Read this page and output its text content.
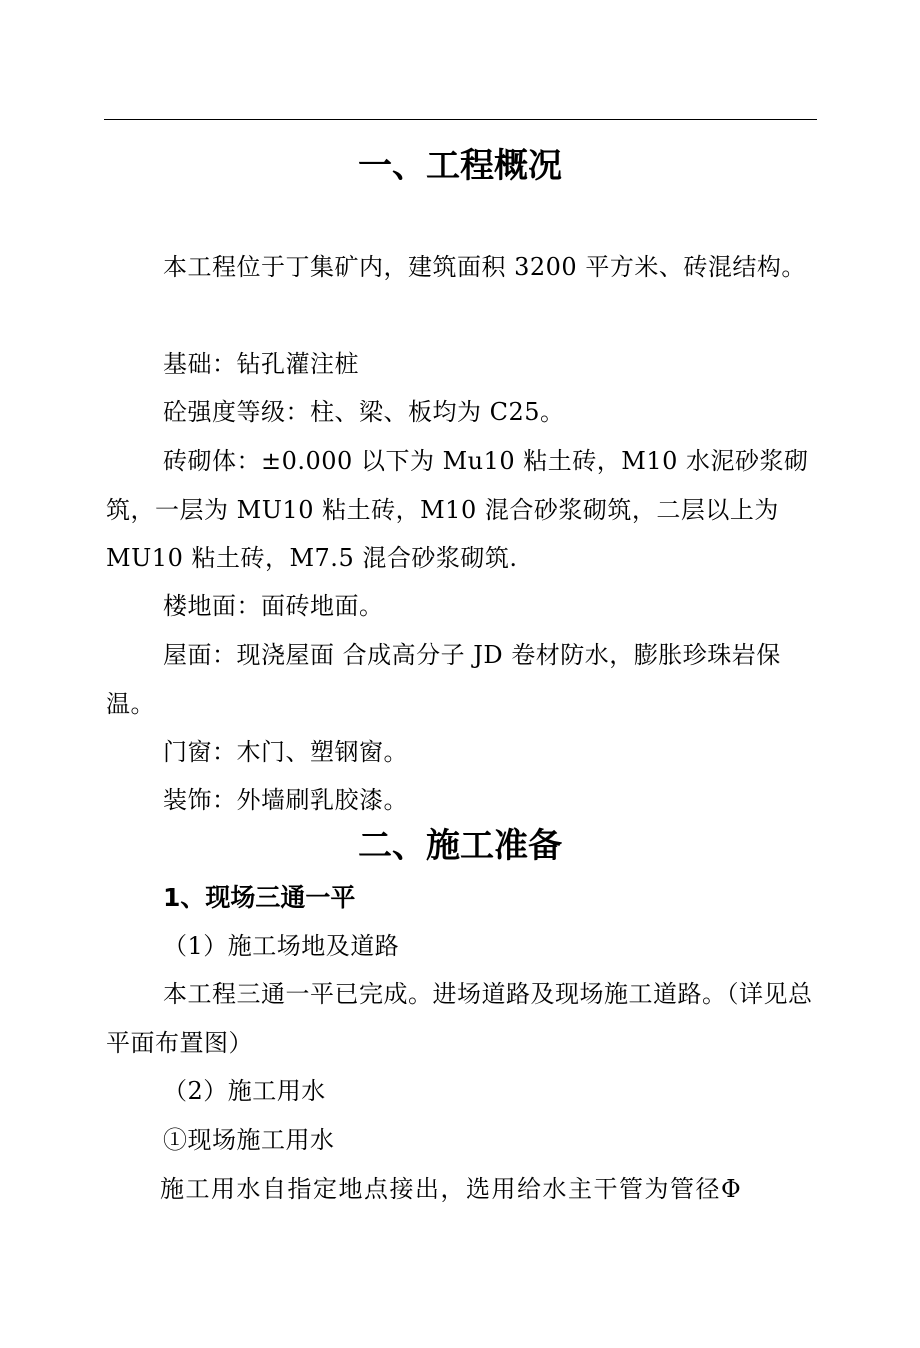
一、工程概况

本工程位于丁集矿内，建筑面积 3200 平方米、砖混结构。

基础：钻孔灌注桩

砼强度等级：柱、梁、板均为 C25。

砖砌体：±0.000 以下为 Mu10 粘土砖，M10 水泥砂浆砌筑，一层为 MU10 粘土砖，M10 混合砂浆砌筑，二层以上为 MU10 粘土砖，M7.5 混合砂浆砌筑.

楼地面：面砖地面。

屋面：现浇屋面 合成高分子 JD 卷材防水，膨胀珍珠岩保温。

门窗：木门、塑钢窗。

装饰：外墙刷乳胶漆。

二、施工准备
1、现场三通一平
（1）施工场地及道路

本工程三通一平已完成。进场道路及现场施工道路。（详见总平面布置图）

（2）施工用水
①现场施工用水
施工用水自指定地点接出，选用给水主干管为管径Φ
